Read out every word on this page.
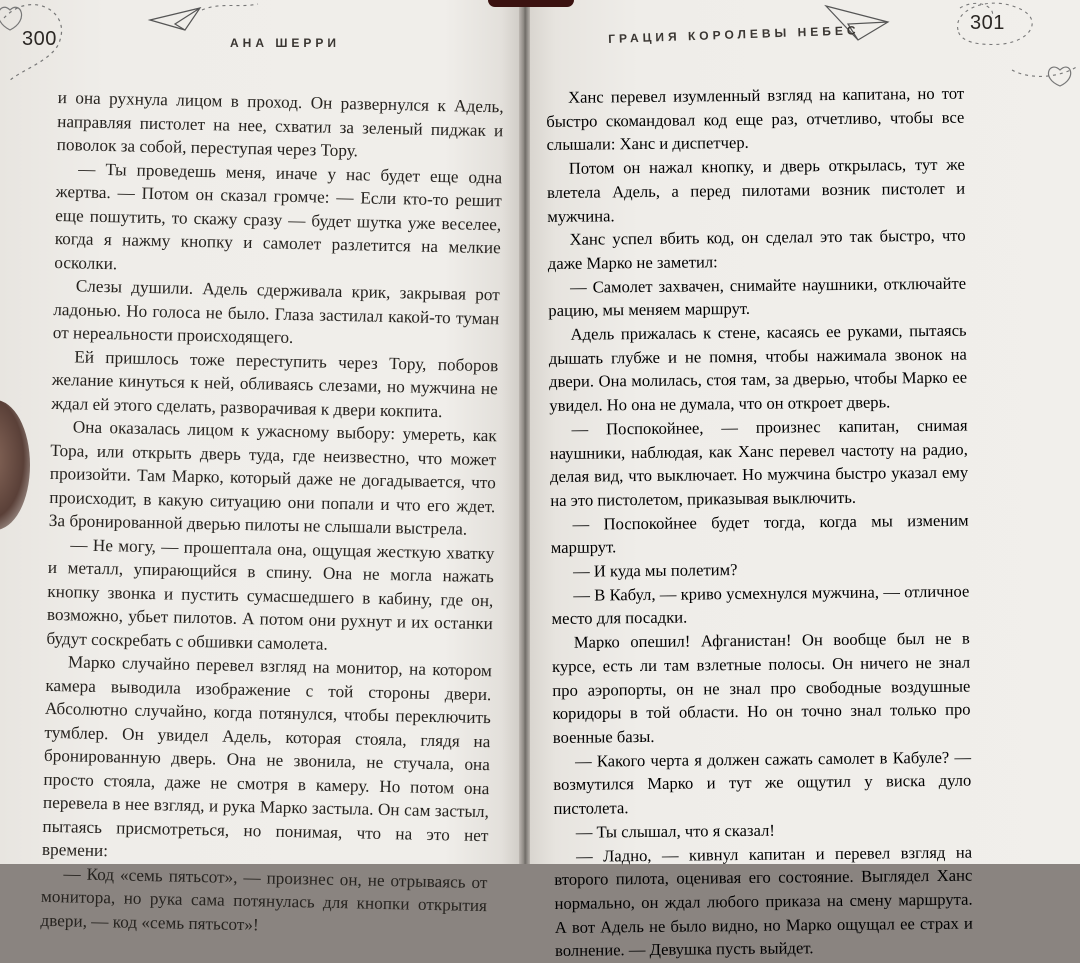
300	АНА ШЕРРИ

и она рухнула лицом в проход. Он развернулся к Адель, направляя пистолет на нее, схватил за зеленый пиджак и поволок за собой, переступая через Тору.

— Ты проведешь меня, иначе у нас будет еще одна жертва. — Потом он сказал громче: — Если кто-то решит еще пошутить, то скажу сразу — будет шутка уже веселее, когда я нажму кнопку и самолет разлетится на мелкие осколки.

Слезы душили. Адель сдерживала крик, закрывая рот ладонью. Но голоса не было. Глаза застилал какой-то туман от нереальности происходящего.

Ей пришлось тоже переступить через Тору, поборов желание кинуться к ней, обливаясь слезами, но мужчина не ждал ей этого сделать, разворачивая к двери кокпита.

Она оказалась лицом к ужасному выбору: умереть, как Тора, или открыть дверь туда, где неизвестно, что может произойти. Там Марко, который даже не догадывается, что происходит, в какую ситуацию они попали и что его ждет. За бронированной дверью пилоты не слышали выстрела.

— Не могу, — прошептала она, ощущая жесткую хватку и металл, упирающийся в спину. Она не могла нажать кнопку звонка и пустить сумасшедшего в кабину, где он, возможно, убьет пилотов. А потом они рухнут и их останки будут соскребать с обшивки самолета.

Марко случайно перевел взгляд на монитор, на котором камера выводила изображение с той стороны двери. Абсолютно случайно, когда потянулся, чтобы переключить тумблер. Он увидел Адель, которая стояла, глядя на бронированную дверь. Она не звонила, не стучала, она просто стояла, даже не смотря в камеру. Но потом она перевела в нее взгляд, и рука Марко застыла. Он сам застыл, пытаясь присмотреться, но понимая, что на это нет времени:

— Код «семь пятьсот», — произнес он, не отрываясь от монитора, но рука сама потянулась для кнопки открытия двери, — код «семь пятьсот»!

301
ГРАЦИЯ КОРОЛЕВЫ НЕБЕС

Ханс перевел изумленный взгляд на капитана, но тот быстро скомандовал код еще раз, отчетливо, чтобы все слышали: Ханс и диспетчер.

Потом он нажал кнопку, и дверь открылась, тут же влетела Адель, а перед пилотами возник пистолет и мужчина.

Ханс успел вбить код, он сделал это так быстро, что даже Марко не заметил:

— Самолет захвачен, снимайте наушники, отключайте рацию, мы меняем маршрут.

Адель прижалась к стене, касаясь ее руками, пытаясь дышать глубже и не помня, чтобы нажимала звонок на двери. Она молилась, стоя там, за дверью, чтобы Марко ее увидел. Но она не думала, что он откроет дверь.

— Поспокойнее, — произнес капитан, снимая наушники, наблюдая, как Ханс перевел частоту на радио, делая вид, что выключает. Но мужчина быстро указал ему на это пистолетом, приказывая выключить.

— Поспокойнее будет тогда, когда мы изменим маршрут.

— И куда мы полетим?

— В Кабул, — криво усмехнулся мужчина, — отличное место для посадки.

Марко опешил! Афганистан! Он вообще был не в курсе, есть ли там взлетные полосы. Он ничего не знал про аэропорты, он не знал про свободные воздушные коридоры в той области. Но он точно знал только про военные базы.

— Какого черта я должен сажать самолет в Кабуле? — возмутился Марко и тут же ощутил у виска дуло пистолета.

— Ты слышал, что я сказал!

— Ладно, — кивнул капитан и перевел взгляд на второго пилота, оценивая его состояние. Выглядел Ханс нормально, он ждал любого приказа на смену маршрута. А вот Адель не было видно, но Марко ощущал ее страх и волнение. — Девушка пусть выйдет.
